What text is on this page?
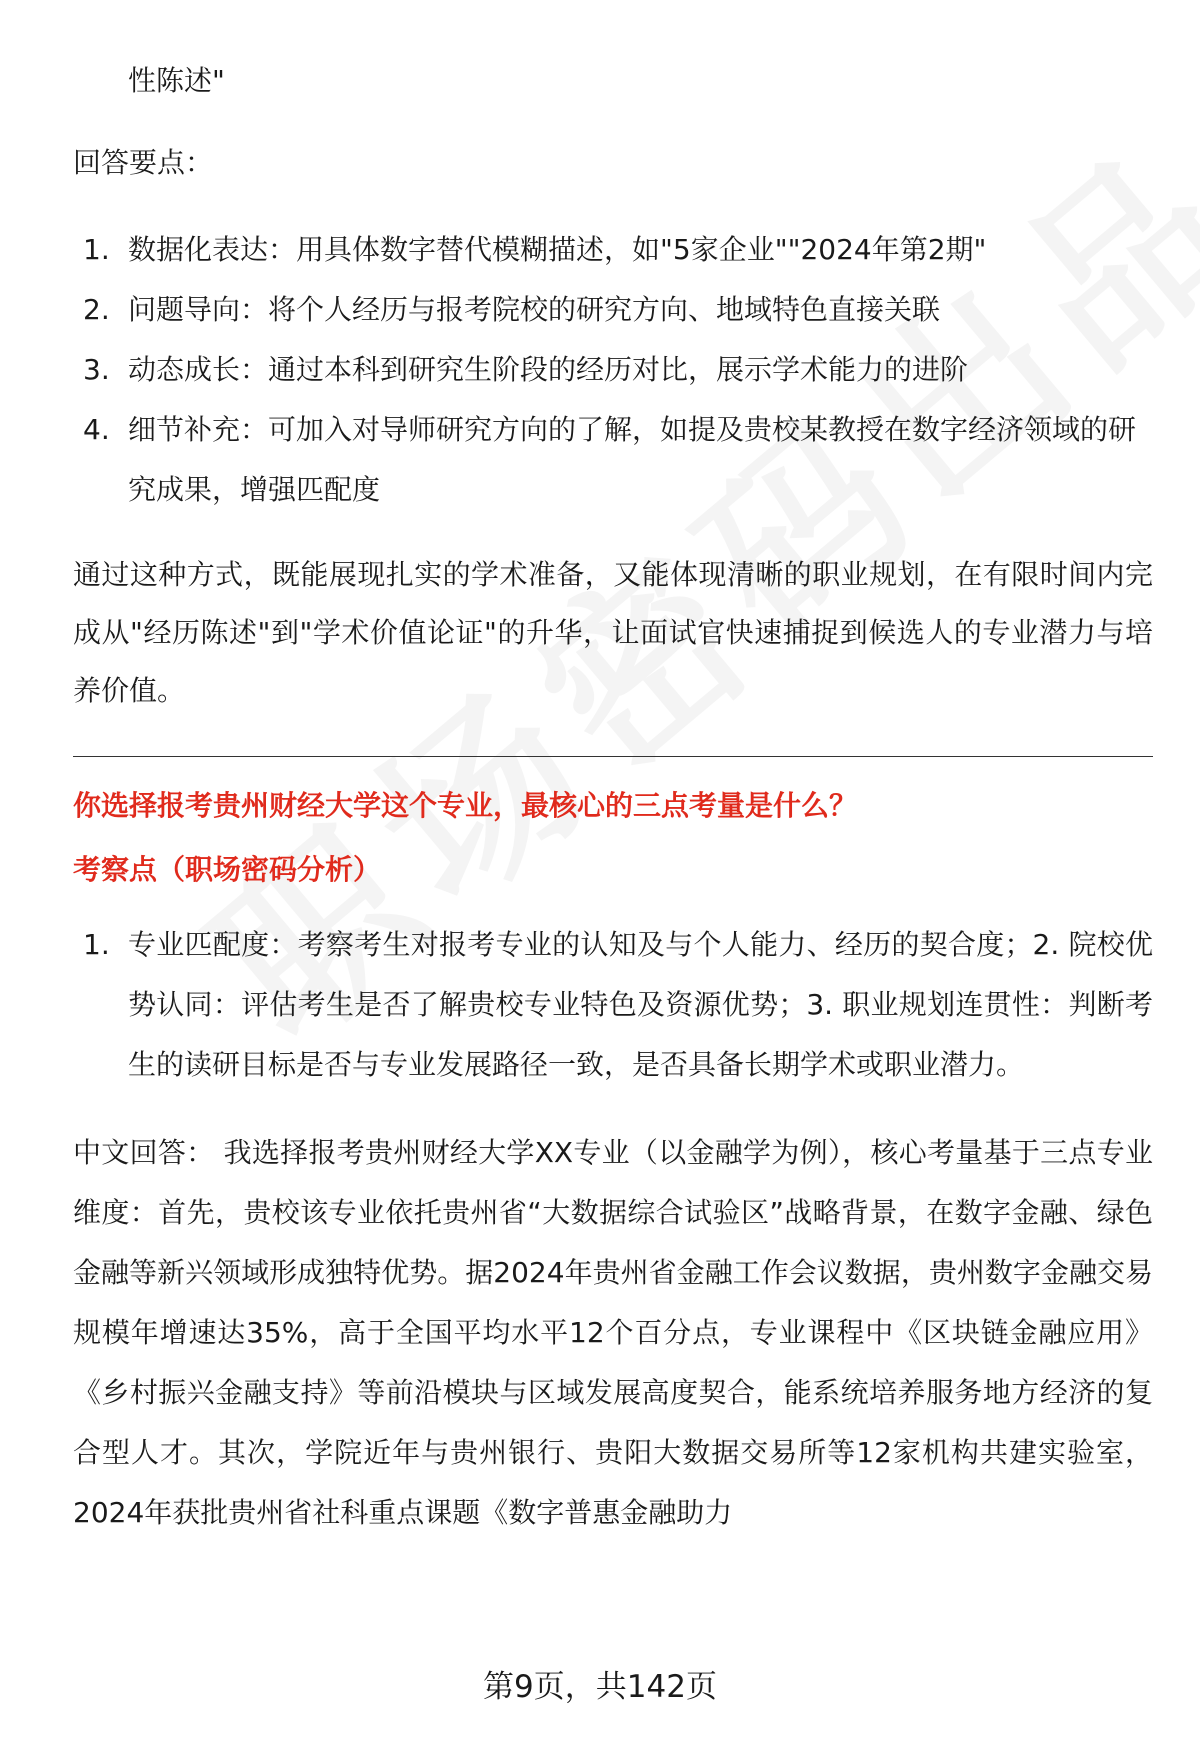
性陈述"

回答要点：
1. 数据化表达：用具体数字替代模糊描述，如"5家企业""2024年第2期"
2. 问题导向：将个人经历与报考院校的研究方向、地域特色直接关联
3. 动态成长：通过本科到研究生阶段的经历对比，展示学术能力的进阶
4. 细节补充：可加入对导师研究方向的了解，如提及贵校某教授在数字经济领域的研究成果，增强匹配度

通过这种方式，既能展现扎实的学术准备，又能体现清晰的职业规划，在有限时间内完成从"经历陈述"到"学术价值论证"的升华，让面试官快速捕捉到候选人的专业潜力与培养价值。

你选择报考贵州财经大学这个专业，最核心的三点考量是什么？
考察点（职场密码分析）
1. 专业匹配度：考察考生对报考专业的认知及与个人能力、经历的契合度；2. 院校优势认同：评估考生是否了解贵校专业特色及资源优势；3. 职业规划连贯性：判断考生的读研目标是否与专业发展路径一致，是否具备长期学术或职业潜力。

中文回答： 我选择报考贵州财经大学XX专业（以金融学为例），核心考量基于三点专业维度：首先，贵校该专业依托贵州省“大数据综合试验区”战略背景，在数字金融、绿色金融等新兴领域形成独特优势。据2024年贵州省金融工作会议数据，贵州数字金融交易规模年增速达35%，高于全国平均水平12个百分点，专业课程中《区块链金融应用》《乡村振兴金融支持》等前沿模块与区域发展高度契合，能系统培养服务地方经济的复合型人才。其次，学院近年与贵州银行、贵阳大数据交易所等12家机构共建实验室，2024年获批贵州省社科重点课题《数字普惠金融助力

第9页，共142页
